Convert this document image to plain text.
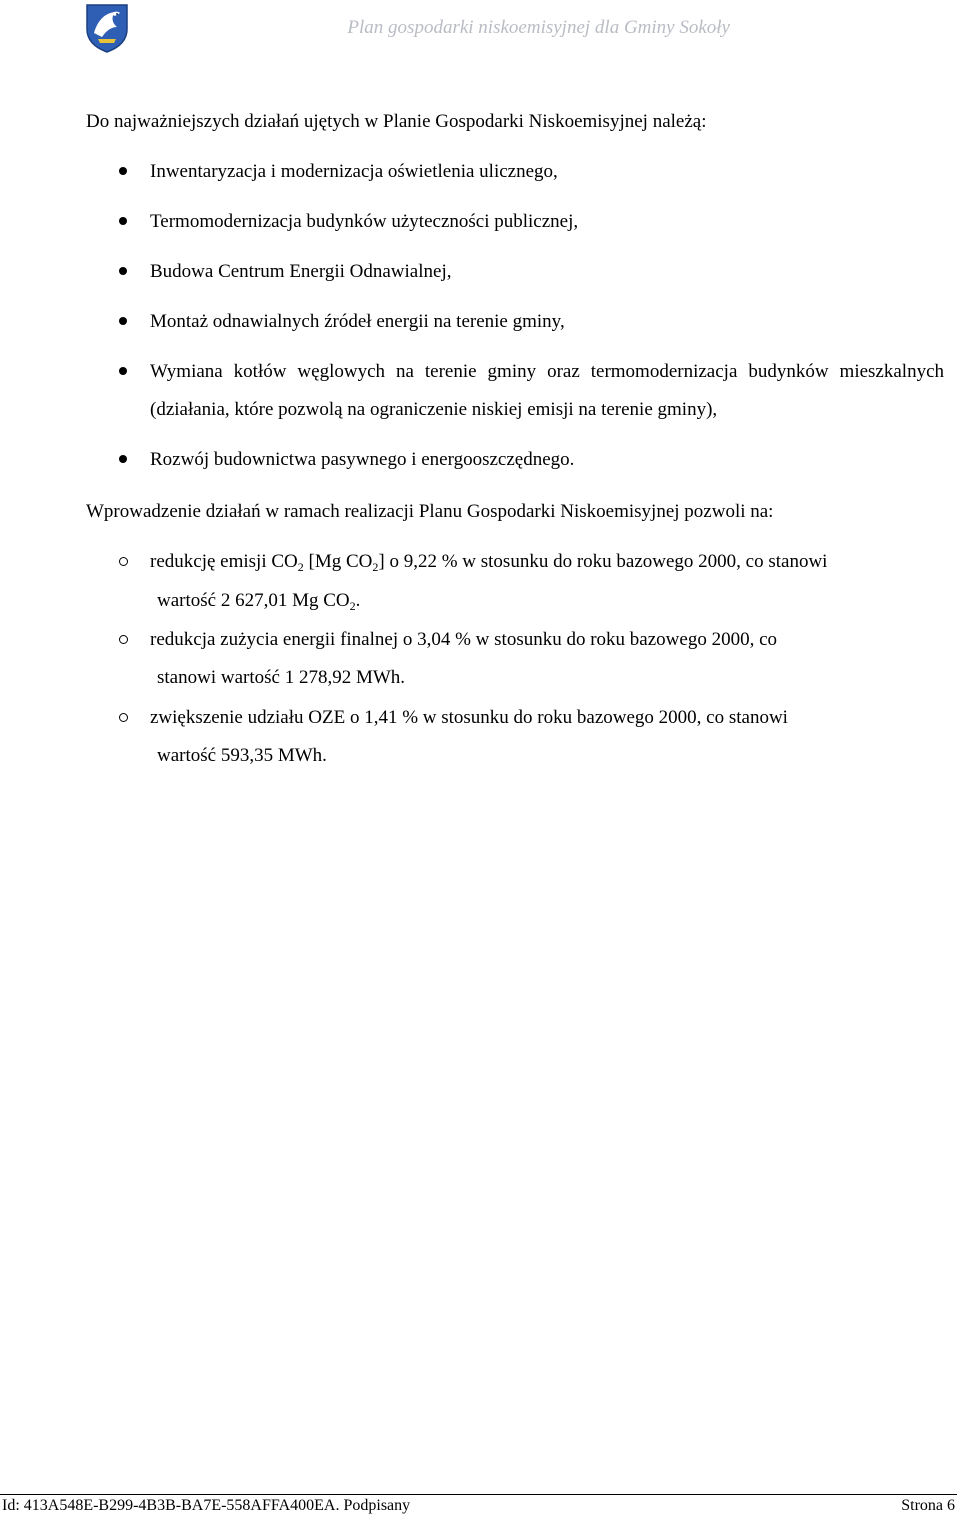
Plan gospodarki niskoemisyjnej dla Gminy Sokoły
Do najważniejszych działań ujętych w Planie Gospodarki Niskoemisyjnej należą:
Inwentaryzacja i modernizacja oświetlenia ulicznego,
Termomodernizacja budynków użyteczności publicznej,
Budowa Centrum Energii Odnawialnej,
Montaż odnawialnych źródeł energii na terenie gminy,
Wymiana kotłów węglowych na terenie gminy oraz termomodernizacja budynków mieszkalnych (działania, które pozwolą na ograniczenie niskiej emisji na terenie gminy),
Rozwój budownictwa pasywnego i energooszczędnego.
Wprowadzenie działań w ramach realizacji Planu Gospodarki Niskoemisyjnej pozwoli na:
redukcję emisji $CO_2$ [Mg $CO_2$] o 9,22 % w stosunku do roku bazowego 2000, co stanowi
wartość 2 627,01 Mg $CO_2$.
redukcja zużycia energii finalnej o 3,04 % w stosunku do roku bazowego 2000, co
stanowi wartość 1 278,92 MWh.
zwiększenie udziału OZE o 1,41 % w stosunku do roku bazowego 2000, co stanowi
wartość 593,35 MWh.
Id: 413A548E-B299-4B3B-BA7E-558AFFA400EA. Podpisany	Strona 6
